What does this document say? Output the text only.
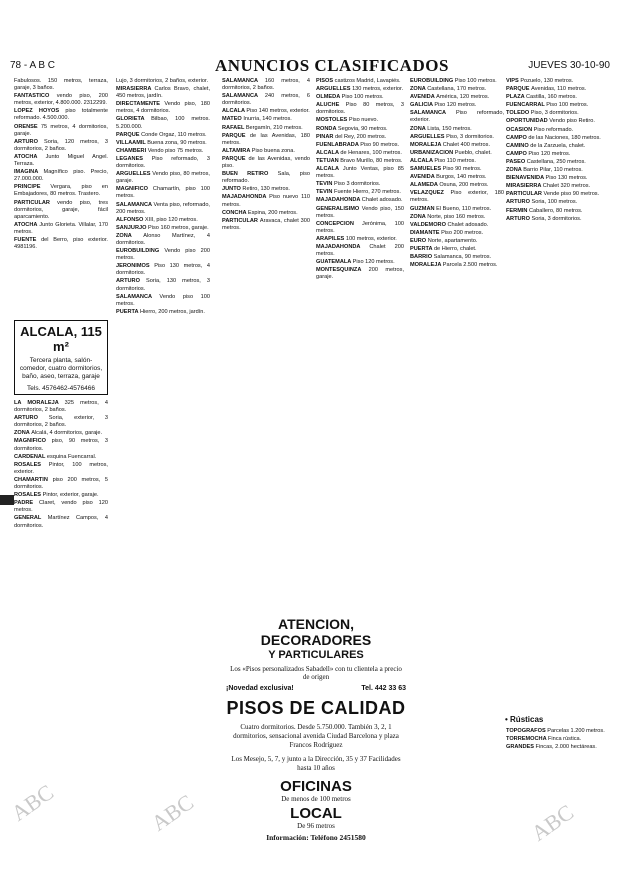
78 - A B C	ANUNCIOS CLASIFICADOS	JUEVES 30-10-90

Fabulosos. 150 metros, terraza, garaje, 3 baños.

FANTASTICO vendo piso, 200 metros, exterior, 4.800.000. 2312299.

LOPEZ HOYOS piso totalmente reformado. 4.500.000.

ORENSE 75 metros, 4 dormitorios, garaje.

ARTURO Soria, 120 metros, 3 dormitorios, 2 baños.

ATOCHA Junto Miguel Angel. Terraza.

IMAGINA Magnífico piso. Precio, 27.000.000.

PRINCIPE Vergara, piso en Embajadores, 80 metros. Trastero.

PARTICULAR vendo piso, tres dormitorios, garaje, fácil aparcamiento.

ATOCHA Junto Glorieta. Villalar, 170 metros.

FUENTE del Berro, piso exterior. 4981196.

ALCALA, 115 m²
Tercera planta, salón-comedor, cuatro dormitorios, baño, aseo, terraza, garaje
Tels. 4576462-4576466

LA MORALEJA 325 metros, 4 dormitorios, 2 baños.

ARTURO Soria, exterior, 3 dormitorios, 2 baños.

ZONA Alcalá, 4 dormitorios, garaje.

MAGNIFICO piso, 90 metros, 3 dormitorios.

CARDENAL esquina Fuencarral.

ROSALES Pintor, 100 metros, exterior.

CHAMARTIN piso 200 metros, 5 dormitorios.

ROSALES Pintor, exterior, garaje.

PADRE Claret, vendo piso 120 metros.

GENERAL Martínez Campos, 4 dormitorios.

Lujo, 3 dormitorios, 2 baños, exterior.

MIRASIERRA Carlos Bravo, chalet, 450 metros, jardín.

DIRECTAMENTE Vendo piso, 180 metros, 4 dormitorios.

GLORIETA Bilbao, 100 metros. 5.200.000.

PARQUE Conde Orgaz, 110 metros.

VILLAAMIL Buena zona, 90 metros.

CHAMBERI Vendo piso 75 metros.

LEGANES Piso reformado, 3 dormitorios.

ARGUELLES Vendo piso, 80 metros, garaje.

MAGNIFICO Chamartín, piso 100 metros.

SALAMANCA Venta piso, reformado, 200 metros.

ALFONSO XIII, piso 120 metros.

SANJURJO Piso 160 metros, garaje.

ZONA Alonso Martínez, 4 dormitorios.

EUROBUILDING Vendo piso 200 metros.

JERONIMOS Piso 130 metros, 4 dormitorios.

ARTURO Soria, 130 metros, 3 dormitorios.

SALAMANCA Vendo piso 100 metros.

PUERTA Hierro, 200 metros, jardín.

SALAMANCA 160 metros, 4 dormitorios, 2 baños.

SALAMANCA 240 metros, 6 dormitorios.

ALCALA Piso 140 metros, exterior.

MATEO Inurria, 140 metros.

RAFAEL Bergamín, 210 metros.

PARQUE de las Avenidas, 180 metros.

ALTAMIRA Piso buena zona.

PARQUE de las Avenidas, vendo piso.

BUEN RETIRO Sala, piso reformado.

JUNTO Retiro, 130 metros.

MAJADAHONDA Piso nuevo 110 metros.

CONCHA Espina, 200 metros.

PARTICULAR Aravaca, chalet 300 metros.

PISOS castizos Madrid, Lavapiés.

ARGUELLES 130 metros, exterior.

OLMEDA Piso 100 metros.

ALUCHE Piso 80 metros, 3 dormitorios.

MOSTOLES Piso nuevo.

RONDA Segovia, 90 metros.

PINAR del Rey, 200 metros.

FUENLABRADA Piso 90 metros.

ALCALA de Henares, 100 metros.

TETUAN Bravo Murillo, 80 metros.

ALCALA Junto Ventas, piso 85 metros.

TEVIN Piso 3 dormitorios.

TEVIN Fuente Hierro, 270 metros.

MAJADAHONDA Chalet adosado.

GENERALISIMO Vendo piso, 150 metros.

CONCEPCION Jerónima, 100 metros.

ARAPILES 100 metros, exterior.

MAJADAHONDA Chalet 200 metros.

GUATEMALA Piso 120 metros.

MONTESQUINZA 200 metros, garaje.

ATENCION, DECORADORES
Y PARTICULARES
Los «Pisos personalizados Sabadell» con tu clientela a precio de origen
¡Novedad exclusiva!	Tel. 442 33 63
PISOS DE CALIDAD
Cuatro dormitorios. Desde 5.750.000. También 3, 2, 1 dormitorios, sensacional avenida Ciudad Barcelona y plaza Francos Rodríguez
Los Mesejo, 5, 7, y junto a la Dirección, 35 y 37 Facilidades hasta 10 años
OFICINAS
De menos de 100 metros
LOCAL
De 96 metros
Información: Teléfono 2451580

EUROBUILDING Piso 100 metros.

ZONA Castellana, 170 metros.

AVENIDA América, 120 metros.

GALICIA Piso 120 metros.

SALAMANCA Piso reformado, exterior.

ZONA Lista, 150 metros.

ARGUELLES Piso, 3 dormitorios.

MORALEJA Chalet 400 metros.

URBANIZACION Pueblo, chalet.

ALCALA Piso 110 metros.

SAMUELES Piso 90 metros.

AVENIDA Burgos, 140 metros.

ALAMEDA Osuna, 200 metros.

VELAZQUEZ Piso exterior, 180 metros.

GUZMAN El Bueno, 110 metros.

ZONA Norte, piso 160 metros.

VALDEMORO Chalet adosado.

DIAMANTE Piso 200 metros.

EURO Norte, apartamento.

PUERTA de Hierro, chalet.

BARRIO Salamanca, 90 metros.

MORALEJA Parcela 2.500 metros.

VIPS Pozuelo, 130 metros.

PARQUE Avenidas, 110 metros.

PLAZA Castilla, 160 metros.

FUENCARRAL Piso 100 metros.

TOLEDO Piso, 3 dormitorios.

OPORTUNIDAD Vendo piso Retiro.

OCASION Piso reformado.

CAMPO de las Naciones, 180 metros.

CAMINO de la Zarzuela, chalet.

CAMPO Piso 120 metros.

PASEO Castellana, 250 metros.

ZONA Barrio Pilar, 110 metros.

BIENAVENIDA Piso 130 metros.

MIRASIERRA Chalet 320 metros.

PARTICULAR Vende piso 90 metros.

ARTURO Soria, 100 metros.

FERMIN Caballero, 80 metros.

ARTURO Soria, 3 dormitorios.

• Rústicas

TOPOGRAFOS Parcelas 1.200 metros.

TORREMOCHA Finca rústica.

GRANDES Fincas, 2.000 hectáreas.

ABC	ABC	ABC
